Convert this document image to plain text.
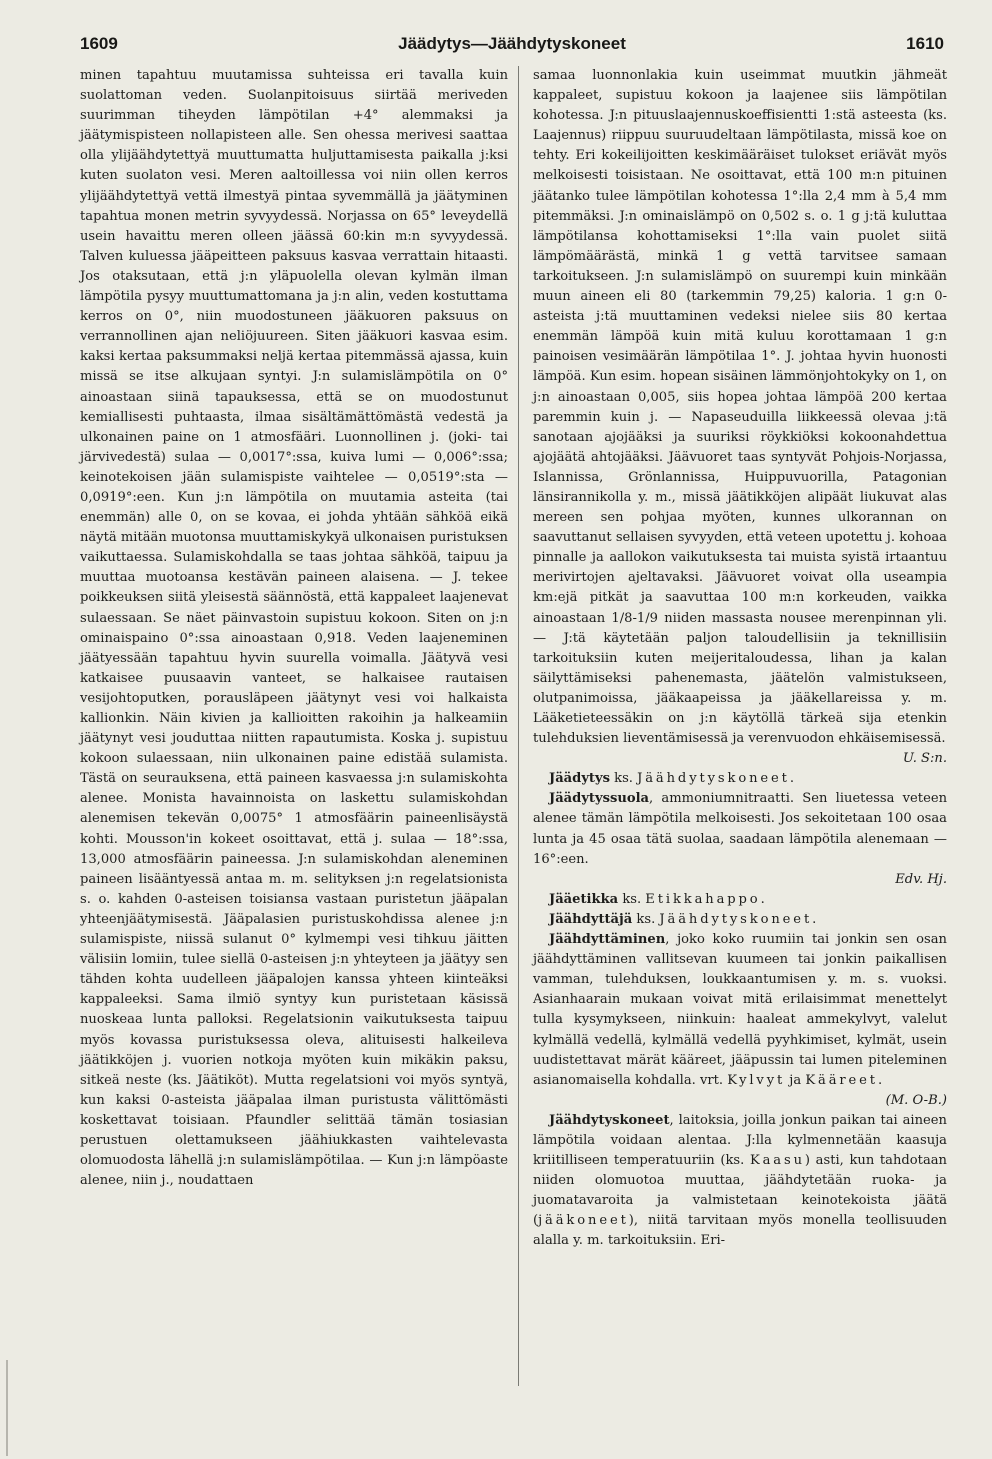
1609	Jäädytys—Jäähdytyskoneet	1610

minen tapahtuu muutamissa suhteissa eri tavalla kuin suolattoman veden. Suolanpitoisuus siirtää meriveden suurimman tiheyden lämpötilan +4° alemmaksi ja jäätymispisteen nollapisteen alle. Sen ohessa merivesi saattaa olla ylijäähdytettyä muuttumatta huljuttamisesta paikalla j:ksi kuten suolaton vesi. Meren aaltoillessa voi niin ollen kerros ylijäähdytettyä vettä ilmestyä pintaa syvemmällä ja jäätyminen tapahtua monen metrin syvyydessä. Norjassa on 65° leveydellä usein havaittu meren olleen jäässä 60:kin m:n syvyydessä. Talven kuluessa jääpeitteen paksuus kasvaa verrattain hitaasti. Jos otaksutaan, että j:n yläpuolella olevan kylmän ilman lämpötila pysyy muuttumattomana ja j:n alin, veden kostuttama kerros on 0°, niin muodostuneen jääkuoren paksuus on verrannollinen ajan neliöjuureen. Siten jääkuori kasvaa esim. kaksi kertaa paksummaksi neljä kertaa pitemmässä ajassa, kuin missä se itse alkujaan syntyi. J:n sulamislämpötila on 0° ainoastaan siinä tapauksessa, että se on muodostunut kemiallisesti puhtaasta, ilmaa sisältämättömästä vedestä ja ulkonainen paine on 1 atmosfääri. Luonnollinen j. (joki- tai järvivedestä) sulaa — 0,0017°:ssa, kuiva lumi — 0,006°:ssa; keinotekoisen jään sulamispiste vaihtelee — 0,0519°:sta — 0,0919°:een. Kun j:n lämpötila on muutamia asteita (tai enemmän) alle 0, on se kovaa, ei johda yhtään sähköä eikä näytä mitään muotonsa muuttamiskykyä ulkonaisen puristuksen vaikuttaessa. Sulamiskohdalla se taas johtaa sähköä, taipuu ja muuttaa muotoansa kestävän paineen alaisena. — J. tekee poikkeuksen siitä yleisestä säännöstä, että kappaleet laajenevat sulaessaan. Se näet päinvastoin supistuu kokoon. Siten on j:n ominaispaino 0°:ssa ainoastaan 0,918. Veden laajeneminen jäätyessään tapahtuu hyvin suurella voimalla. Jäätyvä vesi katkaisee puusaavin vanteet, se halkaisee rautaisen vesijohtoputken, porausläpeen jäätynyt vesi voi halkaista kallionkin. Näin kivien ja kallioitten rakoihin ja halkeamiin jäätynyt vesi jouduttaa niitten rapautumista. Koska j. supistuu kokoon sulaessaan, niin ulkonainen paine edistää sulamista. Tästä on seurauksena, että paineen kasvaessa j:n sulamiskohta alenee. Monista havainnoista on laskettu sulamiskohdan alenemisen tekevän 0,0075° 1 atmosfäärin paineenlisäystä kohti. Mousson'in kokeet osoittavat, että j. sulaa — 18°:ssa, 13,000 atmosfäärin paineessa. J:n sulamiskohdan aleneminen paineen lisääntyessä antaa m. m. selityksen j:n regelatsionista s. o. kahden 0-asteisen toisiansa vastaan puristetun jääpalan yhteenjäätymisestä. Jääpalasien puristuskohdissa alenee j:n sulamispiste, niissä sulanut 0° kylmempi vesi tihkuu jäitten välisiin lomiin, tulee siellä 0-asteisen j:n yhteyteen ja jäätyy sen tähden kohta uudelleen jääpalojen kanssa yhteen kiinteäksi kappaleeksi. Sama ilmiö syntyy kun puristetaan käsissä nuoskeaa lunta palloksi. Regelatsionin vaikutuksesta taipuu myös kovassa puristuksessa oleva, alituisesti halkeileva jäätikköjen j. vuorien notkoja myöten kuin mikäkin paksu, sitkeä neste (ks. Jäätiköt). Mutta regelatsioni voi myös syntyä, kun kaksi 0-asteista jääpalaa ilman puristusta välittömästi koskettavat toisiaan. Pfaundler selittää tämän tosiasian perustuen olettamukseen jäähiukkasten vaihtelevasta olomuodosta lähellä j:n sulamislämpötilaa. — Kun j:n lämpöaste alenee, niin j., noudattaen

samaa luonnonlakia kuin useimmat muutkin jähmeät kappaleet, supistuu kokoon ja laajenee siis lämpötilan kohotessa. J:n pituuslaajennuskoeffisientti 1:stä asteesta (ks. Laajennus) riippuu suuruudeltaan lämpötilasta, missä koe on tehty. Eri kokeilijoitten keskimääräiset tulokset eriävät myös melkoisesti toisistaan. Ne osoittavat, että 100 m:n pituinen jäätanko tulee lämpötilan kohotessa 1°:lla 2,4 mm à 5,4 mm pitemmäksi. J:n ominaislämpö on 0,502 s. o. 1 g j:tä kuluttaa lämpötilansa kohottamiseksi 1°:lla vain puolet siitä lämpömäärästä, minkä 1 g vettä tarvitsee samaan tarkoitukseen. J:n sulamislämpö on suurempi kuin minkään muun aineen eli 80 (tarkemmin 79,25) kaloria. 1 g:n 0-asteista j:tä muuttaminen vedeksi nielee siis 80 kertaa enemmän lämpöä kuin mitä kuluu korottamaan 1 g:n painoisen vesimäärän lämpötilaa 1°. J. johtaa hyvin huonosti lämpöä. Kun esim. hopean sisäinen lämmönjohtokyky on 1, on j:n ainoastaan 0,005, siis hopea johtaa lämpöä 200 kertaa paremmin kuin j. — Napaseuduilla liikkeessä olevaa j:tä sanotaan ajojääksi ja suuriksi röykkiöksi kokoonahdettua ajojäätä ahtojääksi. Jäävuoret taas syntyvät Pohjois-Norjassa, Islannissa, Grönlannissa, Huippuvuorilla, Patagonian länsirannikolla y. m., missä jäätikköjen alipäät liukuvat alas mereen sen pohjaa myöten, kunnes ulkorannan on saavuttanut sellaisen syvyyden, että veteen upotettu j. kohoaa pinnalle ja aallokon vaikutuksesta tai muista syistä irtaantuu merivirtojen ajeltavaksi. Jäävuoret voivat olla useampia km:ejä pitkät ja saavuttaa 100 m:n korkeuden, vaikka ainoastaan 1/8-1/9 niiden massasta nousee merenpinnan yli. — J:tä käytetään paljon taloudellisiin ja teknillisiin tarkoituksiin kuten meijeritaloudessa, lihan ja kalan säilyttämiseksi pahenemasta, jäätelön valmistukseen, olutpanimoissa, jääkaapeissa ja jääkellareissa y. m. Lääketieteessäkin on j:n käytöllä tärkeä sija etenkin tulehduksien lieventämisessä ja verenvuodon ehkäisemisessä.
U. S:n.

Jäädytys ks. Jäähdytyskoneet.

Jäädytyssuola, ammoniumnitraatti. Sen liuetessa veteen alenee tämän lämpötila melkoisesti. Jos sekoitetaan 100 osaa lunta ja 45 osaa tätä suolaa, saadaan lämpötila alenemaan —16°:een.
Edv. Hj.

Jääetikka ks. Etikkahappo.

Jäähdyttäjä ks. Jäähdytyskoneet.

Jäähdyttäminen, joko koko ruumiin tai jonkin sen osan jäähdyttäminen vallitsevan kuumeen tai jonkin paikallisen vamman, tulehduksen, loukkaantumisen y. m. s. vuoksi. Asianhaarain mukaan voivat mitä erilaisimmat menettelyt tulla kysymykseen, niinkuin: haaleat ammekylvyt, valelut kylmällä vedellä, kylmällä vedellä pyyhkimiset, kylmät, usein uudistettavat märät kääreet, jääpussin tai lumen piteleminen asianomaisella kohdalla. vrt. Kylvyt ja Kääreet.
(M. O-B.)

Jäähdytyskoneet, laitoksia, joilla jonkun paikan tai aineen lämpötila voidaan alentaa. J:lla kylmennetään kaasuja kriitilliseen temperatuuriin (ks. Kaasu) asti, kun tahdotaan niiden olomuotoa muuttaa, jäähdytetään ruoka- ja juomatavaroita ja valmistetaan keinotekoista jäätä (jääkoneet), niitä tarvitaan myös monella teollisuuden alalla y. m. tarkoituksiin. Eri-
